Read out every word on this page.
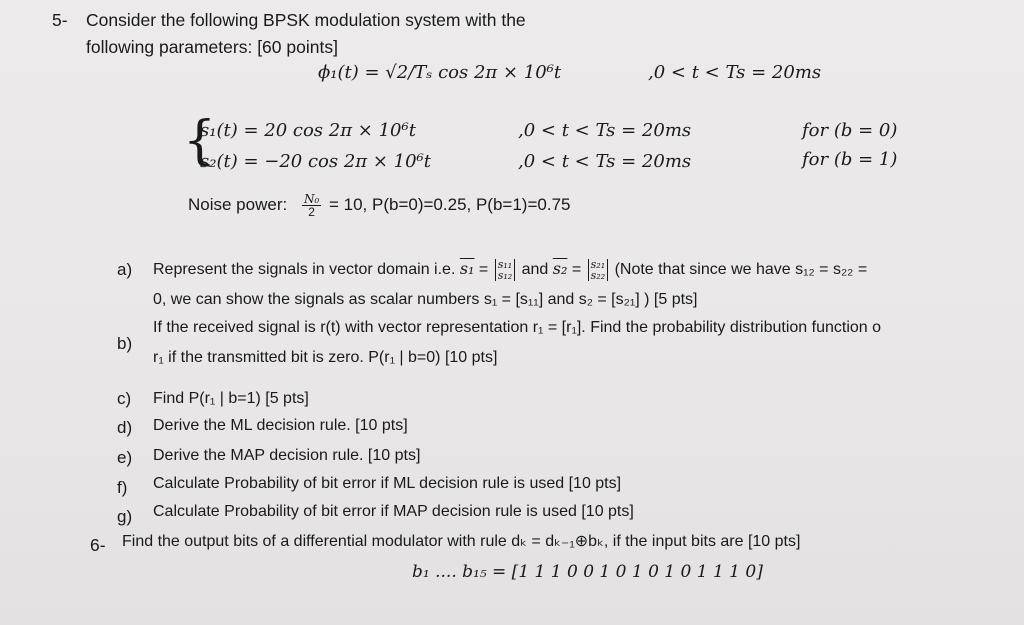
5- Consider the following BPSK modulation system with the
following parameters: [60 points]
ϕ₁(t) = √2/Tₛ cos 2π × 10⁶t	,0 < t < Ts = 20ms
{
s₁(t) = 20 cos 2π × 10⁶t	,0 < t < Ts = 20ms	for (b = 0)
s₂(t) = −20 cos 2π × 10⁶t	,0 < t < Ts = 20ms	for (b = 1)
Noise power: $\frac{\text{N₀}}{2} = 10$, P(b=0)=0.25, P(b=1)=0.75
a) Represent the signals in vector domain i.e. s₁ = s₁₁
s₁₂ and s₂ = s₂₁
s₂₂ (Note that since we have s₁₂ = s₂₂ =
0, we can show the signals as scalar numbers s₁ = [s₁₁] and s₂ = [s₂₁] ) [5 pts]
b)
If the received signal is r(t) with vector representation r₁ = [r₁]. Find the probability distribution function o
r₁ if the transmitted bit is zero. P(r₁ | b=0) [10 pts]
c) Find P(r₁ | b=1) [5 pts]
d) Derive the ML decision rule. [10 pts]
e) Derive the MAP decision rule. [10 pts]
f) Calculate Probability of bit error if ML decision rule is used [10 pts]
g) Calculate Probability of bit error if MAP decision rule is used [10 pts]
6- Find the output bits of a differential modulator with rule dₖ = dₖ₋₁⊕bₖ, if the input bits are [10 pts]
b₁ .... b₁₅ = [1 1 1 0 0 1 0 1 0 1 0 1 1 1 0]
